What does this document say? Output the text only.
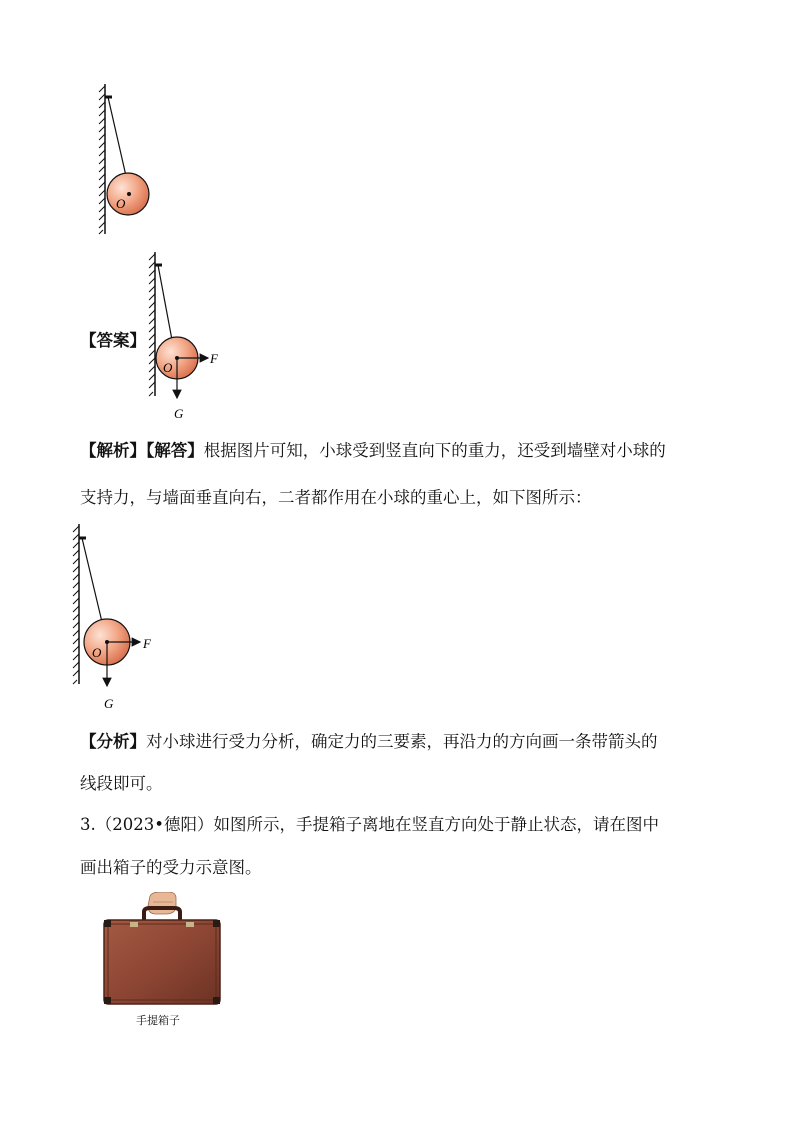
O
【答案】
O
F
G
【解析】【解答】根据图片可知，小球受到竖直向下的重力，还受到墙壁对小球的
支持力，与墙面垂直向右，二者都作用在小球的重心上，如下图所示：
O
F
G
【分析】对小球进行受力分析，确定力的三要素，再沿力的方向画一条带箭头的
线段即可。
3.（2023•德阳）如图所示，手提箱子离地在竖直方向处于静止状态，请在图中
画出箱子的受力示意图。
手提箱子
